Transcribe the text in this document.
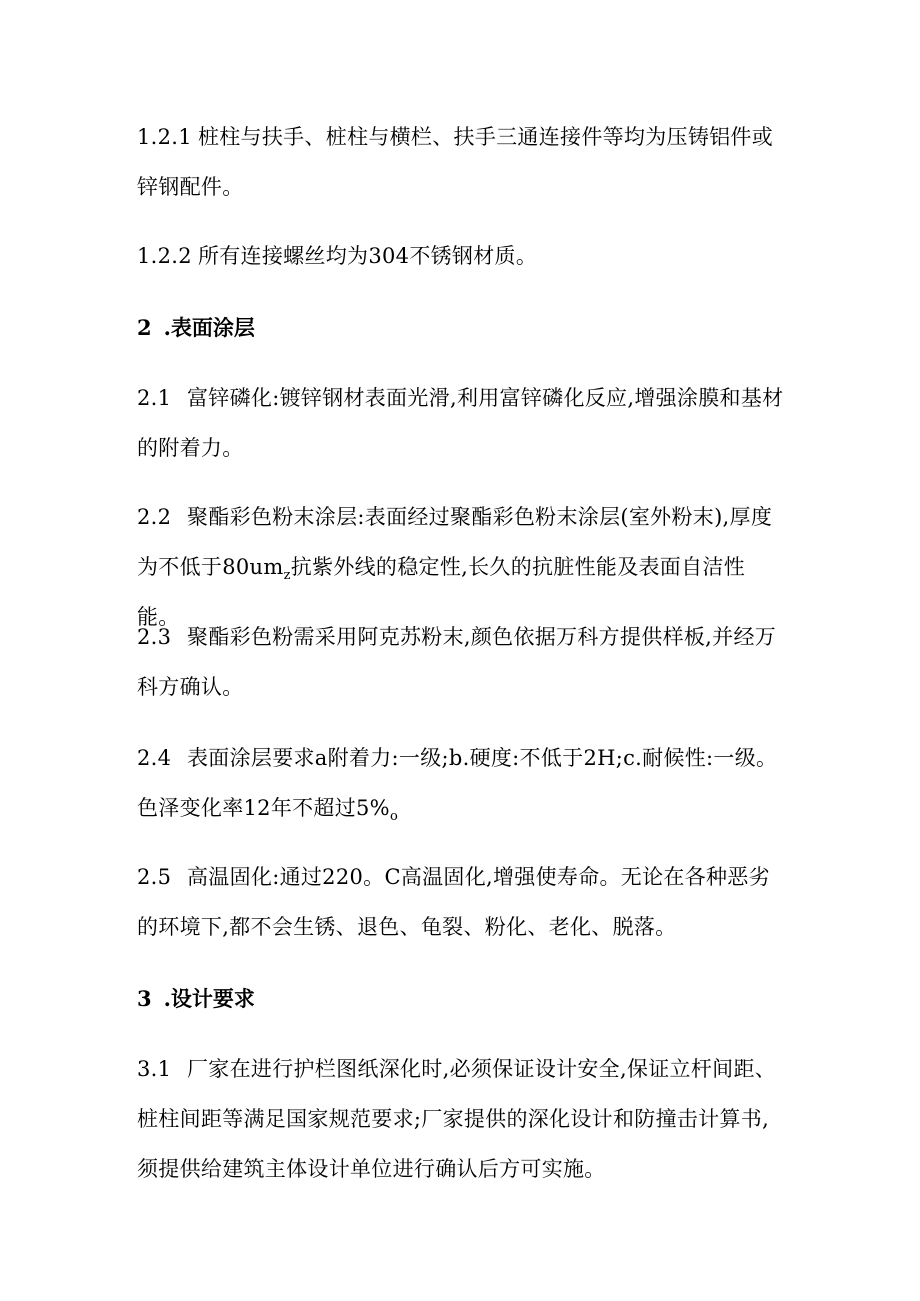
1.2.1 桩柱与扶手、桩柱与横栏、扶手三通连接件等均为压铸铝件或锌钢配件。

1.2.2 所有连接螺丝均为304不锈钢材质。

2 .表面涂层

2.1 富锌磷化:镀锌钢材表面光滑,利用富锌磷化反应,增强涂膜和基材的附着力。

2.2 聚酯彩色粉末涂层:表面经过聚酯彩色粉末涂层(室外粉末),厚度为不低于$80um_z$抗紫外线的稳定性,长久的抗脏性能及表面自洁性能。

2.3 聚酯彩色粉需采用阿克苏粉末,颜色依据万科方提供样板,并经万科方确认。

2.4 表面涂层要求a附着力:一级;b.硬度:不低于2H;c.耐候性:一级。色泽变化率12年不超过$5\%_o$

2.5 高温固化:通过220。C高温固化,增强使寿命。无论在各种恶劣的环境下,都不会生锈、退色、龟裂、粉化、老化、脱落。

3 .设计要求

3.1 厂家在进行护栏图纸深化时,必须保证设计安全,保证立杆间距、桩柱间距等满足国家规范要求;厂家提供的深化设计和防撞击计算书,须提供给建筑主体设计单位进行确认后方可实施。
